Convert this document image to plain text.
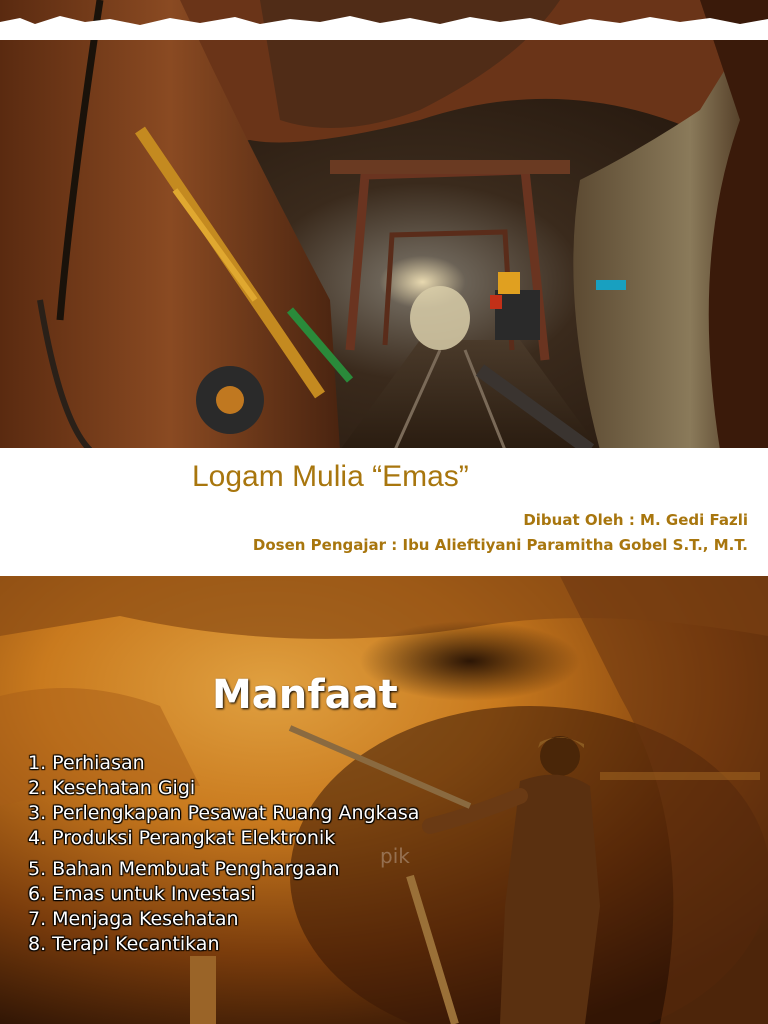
Logam Mulia “Emas”
Dibuat Oleh : M. Gedi Fazli
Dosen Pengajar : Ibu Alieftiyani Paramitha Gobel S.T., M.T.
pik
Manfaat
1. Perhiasan
2. Kesehatan Gigi
3. Perlengkapan Pesawat Ruang Angkasa
4. Produksi Perangkat Elektronik
5. Bahan Membuat Penghargaan
6. Emas untuk Investasi
7. Menjaga Kesehatan
8. Terapi Kecantikan
